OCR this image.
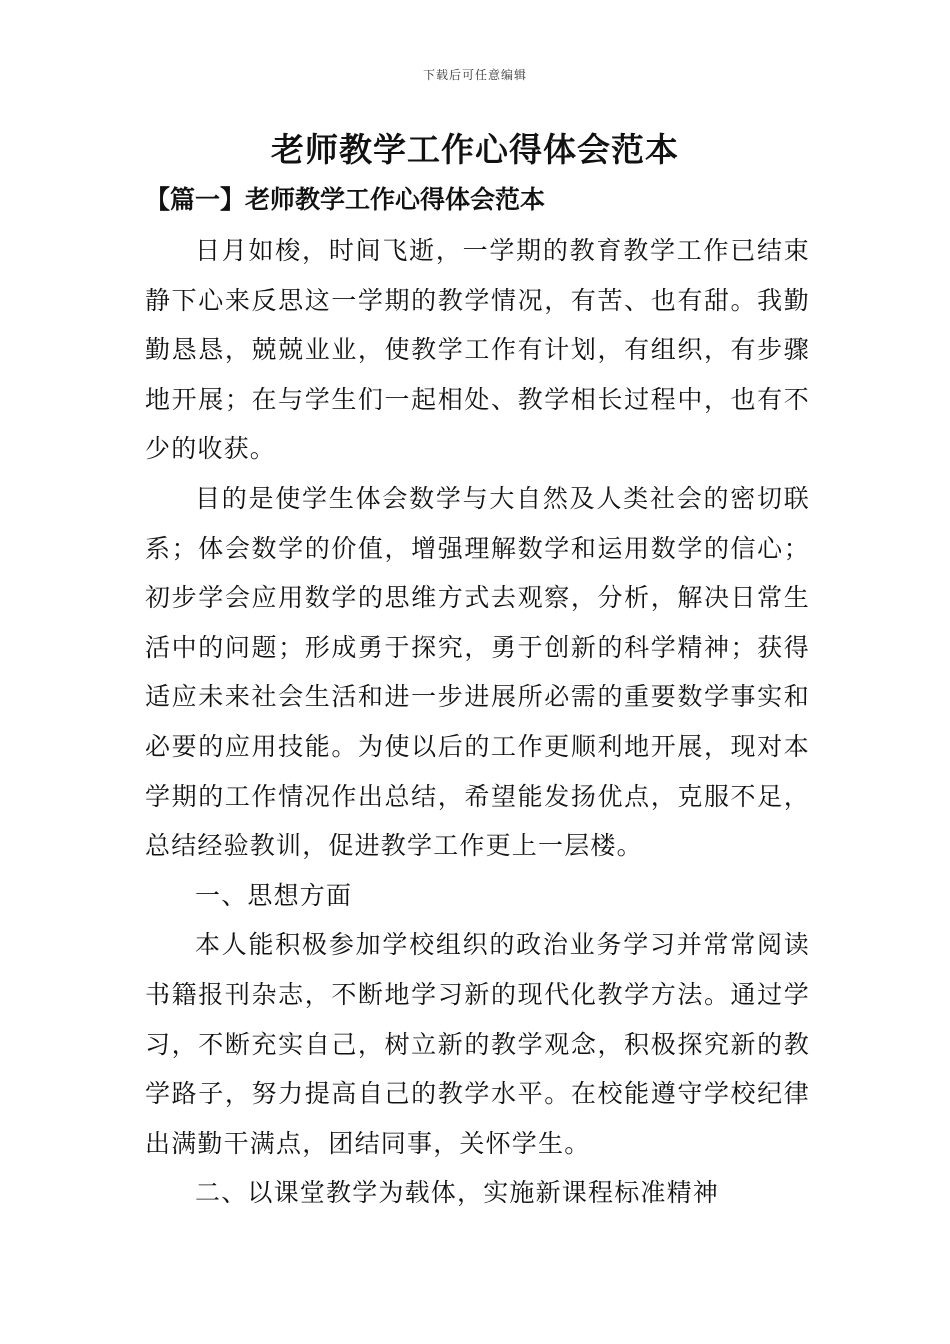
下载后可任意编辑
老师教学工作心得体会范本
【篇一】老师教学工作心得体会范本

日月如梭，时间飞逝，一学期的教育教学工作已结束静下心来反思这一学期的教学情况，有苦、也有甜。我勤勤恳恳，兢兢业业，使教学工作有计划，有组织，有步骤地开展；在与学生们一起相处、教学相长过程中，也有不少的收获。

目的是使学生体会数学与大自然及人类社会的密切联系；体会数学的价值，增强理解数学和运用数学的信心；初步学会应用数学的思维方式去观察，分析，解决日常生活中的问题；形成勇于探究，勇于创新的科学精神；获得适应未来社会生活和进一步进展所必需的重要数学事实和必要的应用技能。为使以后的工作更顺利地开展，现对本学期的工作情况作出总结，希望能发扬优点，克服不足，总结经验教训，促进教学工作更上一层楼。

一、思想方面

本人能积极参加学校组织的政治业务学习并常常阅读书籍报刊杂志，不断地学习新的现代化教学方法。通过学习，不断充实自己，树立新的教学观念，积极探究新的教学路子，努力提高自己的教学水平。在校能遵守学校纪律出满勤干满点，团结同事，关怀学生。

二、以课堂教学为载体，实施新课程标准精神
